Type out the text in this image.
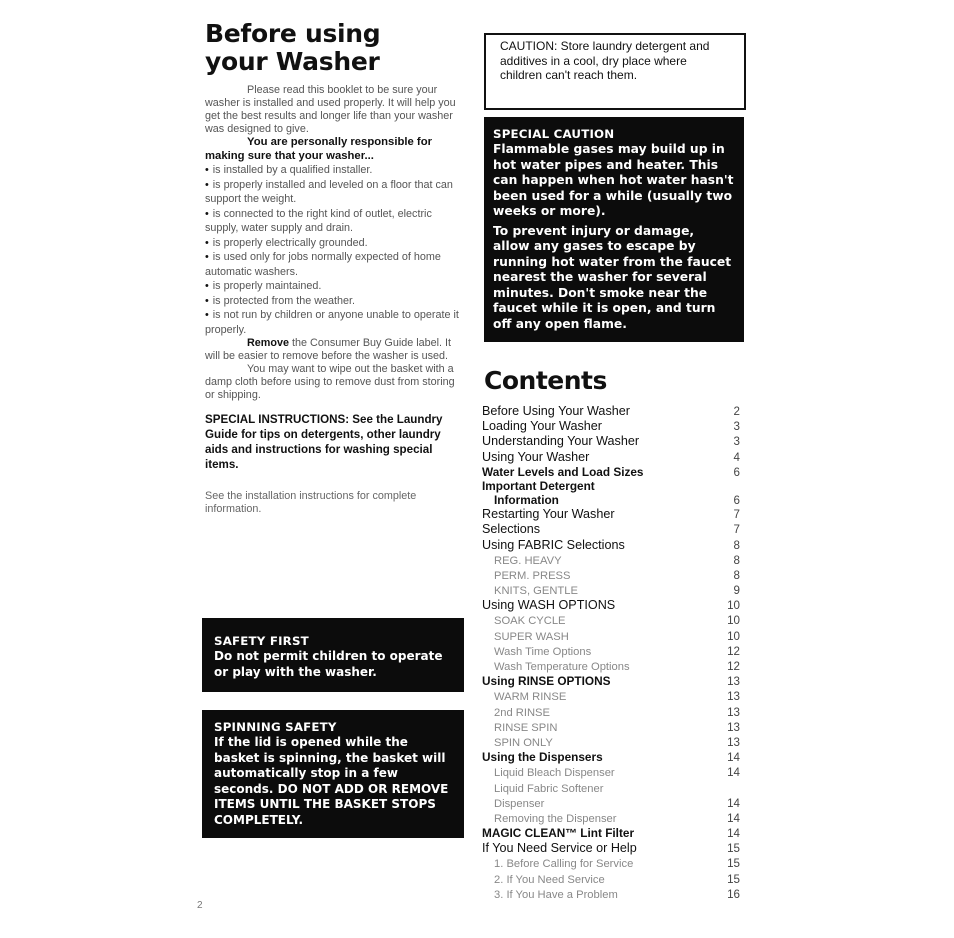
Before using
your Washer

Please read this booklet to be sure your washer is installed and used properly. It will help you get the best results and longer life than your washer was designed to give.

You are personally responsible for making sure that your washer...

• is installed by a qualified installer.
• is properly installed and leveled on a floor that can support the weight.
• is connected to the right kind of outlet, electric supply, water supply and drain.
• is properly electrically grounded.
• is used only for jobs normally expected of home automatic washers.
• is properly maintained.
• is protected from the weather.
• is not run by children or anyone unable to operate it properly.

Remove the Consumer Buy Guide label. It will be easier to remove before the washer is used.

You may want to wipe out the basket with a damp cloth before using to remove dust from storing or shipping.

SPECIAL INSTRUCTIONS: See the Laundry Guide for tips on detergents, other laundry aids and instructions for washing special items.

See the installation instructions for complete information.

SAFETY FIRST
Do not permit children to operate or play with the washer.
SPINNING SAFETY
If the lid is opened while the basket is spinning, the basket will automatically stop in a few seconds. DO NOT ADD OR REMOVE ITEMS UNTIL THE BASKET STOPS COMPLETELY.
2
CAUTION: Store laundry detergent and additives in a cool, dry place where children can't reach them.
SPECIAL CAUTION
Flammable gases may build up in hot water pipes and heater. This can happen when hot water hasn't been used for a while (usually two weeks or more).
To prevent injury or damage, allow any gases to escape by running hot water from the faucet nearest the washer for several minutes. Don't smoke near the faucet while it is open, and turn off any open flame.
Contents
Before Using Your Washer	2
Loading Your Washer	3
Understanding Your Washer	3
Using Your Washer	4
Water Levels and Load Sizes	6
Important Detergent
Information	6
Restarting Your Washer	7
Selections	7
Using FABRIC Selections	8
REG. HEAVY	8
PERM. PRESS	8
KNITS, GENTLE	9
Using WASH OPTIONS	10
SOAK CYCLE	10
SUPER WASH	10
Wash Time Options	12
Wash Temperature Options	12
Using RINSE OPTIONS	13
WARM RINSE	13
2nd RINSE	13
RINSE SPIN	13
SPIN ONLY	13
Using the Dispensers	14
Liquid Bleach Dispenser	14
Liquid Fabric Softener
Dispenser	14
Removing the Dispenser	14
MAGIC CLEAN™ Lint Filter	14
If You Need Service or Help	15
1. Before Calling for Service	15
2. If You Need Service	15
3. If You Have a Problem	16
